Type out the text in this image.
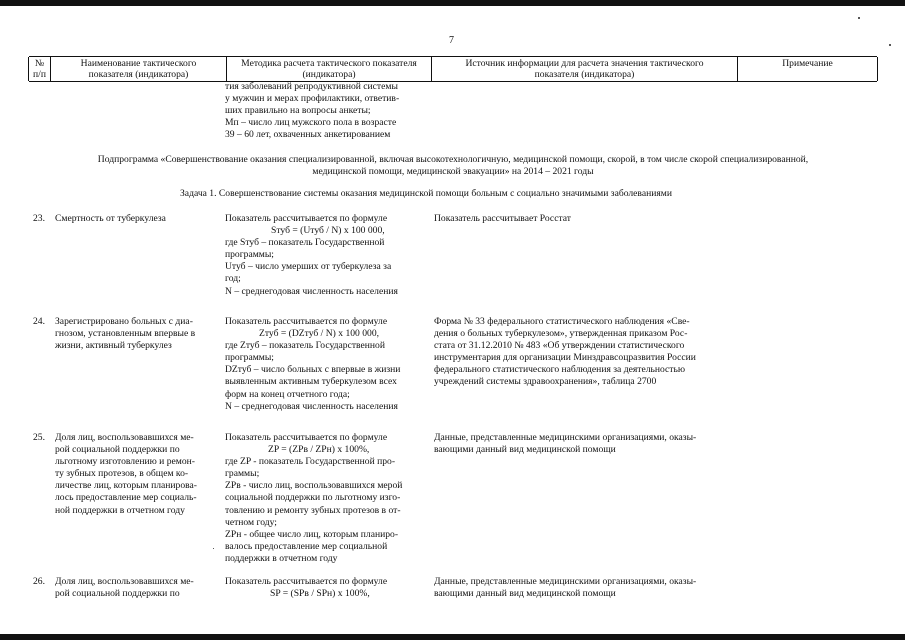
7
№
п/п
Наименование тактического
показателя (индикатора)
Методика расчета тактического показателя
(индикатора)
Источник информации для расчета значения тактического
показателя (индикатора)
Примечание

тия заболеваний репродуктивной системы

у мужчин и мерах профилактики, ответив-

ших правильно на вопросы анкеты;

Мп – число лиц мужского пола в возрасте

39 – 60 лет, охваченных анкетированием

Подпрограмма «Совершенствование оказания специализированной, включая высокотехнологичную, медицинской помощи, скорой, в том числе скорой специализированной,

медицинской помощи, медицинской эвакуации» на 2014 – 2021 годы

Задача 1. Совершенствование системы оказания медицинской помощи больным с социально значимыми заболеваниями
23. Смертность от туберкулеза	Показатель рассчитывается по формуле

Sтуб = (Uтуб / N) х 100 000,

где Sтуб – показатель Государственной

программы;

Uтуб – число умерших от туберкулеза за

год;

N – среднегодовая численность населения

Показатель рассчитывает Росстат

24. Зарегистрировано больных с диа-

гнозом, установленным впервые в

жизни, активный туберкулез

Показатель рассчитывается по формуле

Zтуб = (DZтуб / N) х 100 000,

где Zтуб – показатель Государственной

программы;

DZтуб – число больных с впервые в жизни

выявленным активным туберкулезом всех

форм на конец отчетного года;

N – среднегодовая численность населения

Форма № 33 федерального статистического наблюдения «Све-

дения о больных туберкулезом», утвержденная приказом Рос-

стата от 31.12.2010 № 483 «Об утверждении статистического

инструментария для организации Минздравсоцразвития России

федерального статистического наблюдения за деятельностью

учреждений системы здравоохранения», таблица 2700

25. Доля лиц, воспользовавшихся ме-

рой социальной поддержки по

льготному изготовлению и ремон-

ту зубных протезов, в общем ко-

личестве лиц, которым планирова-

лось предоставление мер социаль-

ной поддержки в отчетном году

Показатель рассчитывается по формуле

ZP = (ZPв / ZPн) х 100%,

где ZP - показатель Государственной про-

граммы;

ZPв - число лиц, воспользовавшихся мерой

социальной поддержки по льготному изго-

товлению и ремонту зубных протезов в от-

четном году;

ZPн - общее число лиц, которым планиро-

валось предоставление мер социальной

поддержки в отчетном году

Данные, представленные медицинскими организациями, оказы-

вающими данный вид медицинской помощи

26. Доля лиц, воспользовавшихся ме-

рой социальной поддержки по

Показатель рассчитывается по формуле

SP = (SPв / SPн) х 100%,

Данные, представленные медицинскими организациями, оказы-

вающими данный вид медицинской помощи
